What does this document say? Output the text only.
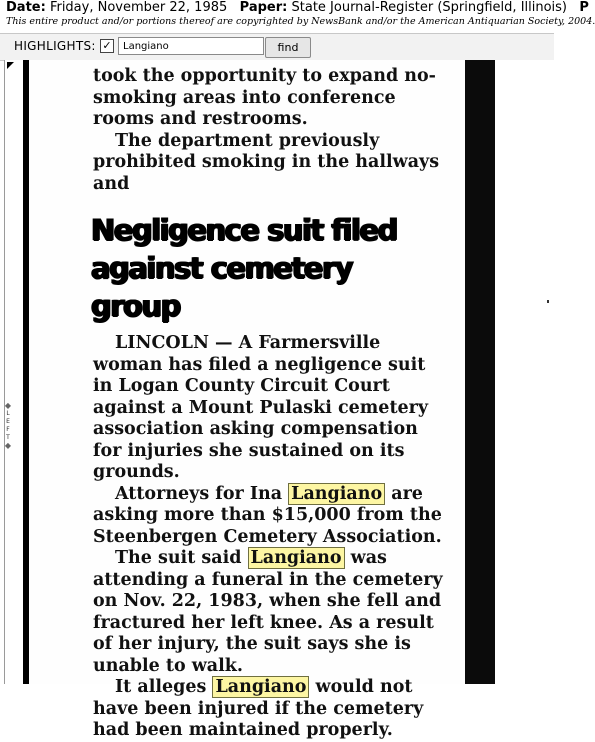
Date: Friday, November 22, 1985 Paper: State Journal-Register (Springfield, Illinois) P
This entire product and/or portions thereof are copyrighted by NewsBank and/or the American Antiquarian Society, 2004.
HIGHLIGHTS: ✓
Langiano	find
◆
L
E
F
T
◆

took the opportunity to expand no-smoking areas into conference rooms and restrooms.

The department previously prohibited smoking in the hallways and

Negligence suit filed against cemetery group

LINCOLN — A Farmersville woman has filed a negligence suit in Logan County Circuit Court against a Mount Pulaski cemetery association asking compensation for injuries she sustained on its grounds.

Attorneys for Ina Langiano are asking more than $15,000 from the Steenbergen Cemetery Association.

The suit said Langiano was attending a funeral in the cemetery on Nov. 22, 1983, when she fell and fractured her left knee. As a result of her injury, the suit says she is unable to walk.

It alleges Langiano would not have been injured if the cemetery had been maintained properly.
